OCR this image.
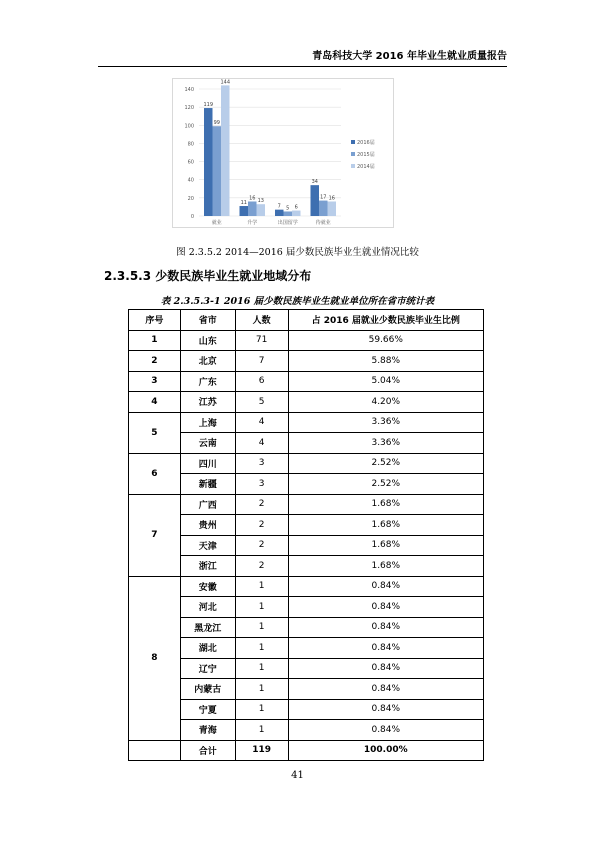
青岛科技大学 2016 年毕业生就业质量报告
0
20
40
60
80
100
120
140
119
99
144
就业
11
16 13
升学
7 5 6
出国留学
34
17 16
待就业
2016届
2015届
2014届
图 2.3.5.2 2014—2016 届少数民族毕业生就业情况比较
2.3.5.3 少数民族毕业生就业地域分布
表 2.3.5.3-1 2016 届少数民族毕业生就业单位所在省市统计表
序号	省市	人数	占 2016 届就业少数民族毕业生比例
1	山东	71	59.66%
2	北京	7	5.88%
3	广东	6	5.04%
4	江苏	5	4.20%
5	上海	4	3.36%
	云南	4	3.36%
6	四川	3	2.52%
	新疆	3	2.52%
7	广西	2	1.68%
	贵州	2	1.68%
	天津	2	1.68%
	浙江	2	1.68%
8	安徽	1	0.84%
	河北	1	0.84%
	黑龙江	1	0.84%
	湖北	1	0.84%
	辽宁	1	0.84%
	内蒙古	1	0.84%
	宁夏	1	0.84%
	青海	1	0.84%
	合计	119	100.00%
41
